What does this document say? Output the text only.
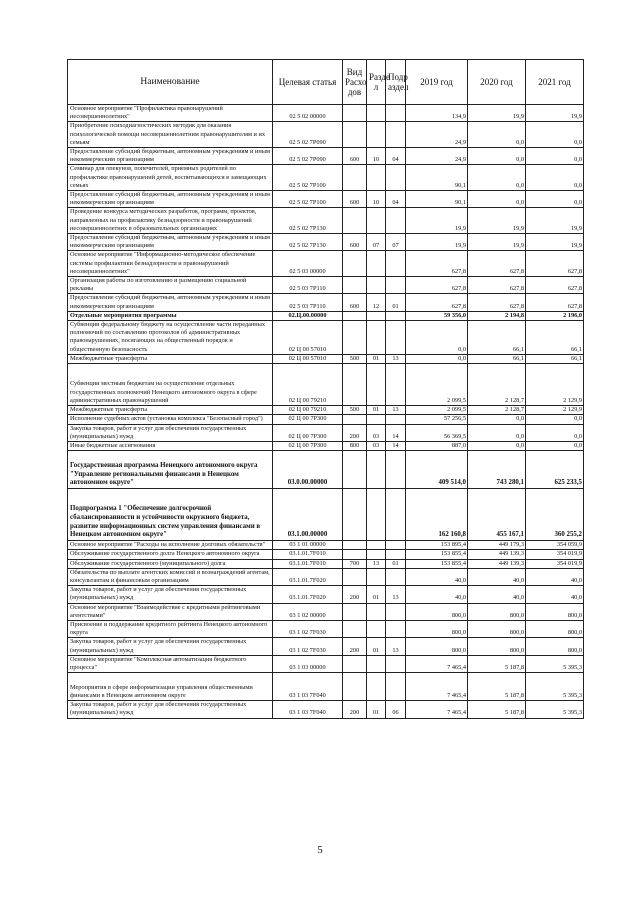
Наименование	Целевая статья	Вид Расхо дов	Разде л	Подр аздел	2019 год	2020 год	2021 год
Основное мероприятие "Профилактика правонарушений несовершеннолетних"	02 5 02 00000				134,9	19,9	19,9
Приобретение психодиагностических методик для оказания психологической помощи несовершеннолетним правонарушителям и их семьям	02 5 02 7Р090				24,9	0,0	0,0
Предоставление субсидий бюджетным, автономным учреждениям и иным некоммерческим организациям	02 5 02 7Р090	600	10	04	24,9	0,0	0,0
Семинар для опекунов, попечителей, приемных родителей по профилактике правонарушений детей, воспитывающихся в замещающих семьях	02 5 02 7Р100				90,1	0,0	0,0
Предоставление субсидий бюджетным, автономным учреждениям и иным некоммерческим организациям	02 5 02 7Р100	600	10	04	90,1	0,0	0,0
Проведение конкурса методических разработок, программ, проектов, направленных на профилактику безнадзорности и правонарушений несовершеннолетних в образовательных организациях	02 5 02 7Р130				19,9	19,9	19,9
Предоставление субсидий бюджетным, автономным учреждениям и иным некоммерческим организациям	02 5 02 7Р130	600	07	07	19,9	19,9	19,9
Основное мероприятие "Информационно-методическое обеспечение системы профилактики безнадзорности и правонарушений несовершеннолетних"	02 5 03 00000				627,8	627,8	627,8
Организация работы по изготовлению и размещению социальной рекламы	02 5 03 7Р110				627,8	627,8	627,8
Предоставление субсидий бюджетным, автономным учреждениям и иным некоммерческим организациям	02 5 03 7Р110	600	12	01	627,8	627,8	627,8
Отдельные мероприятия программы	02.Ц.00.00000				59 356,0	2 194,8	2 196,0
Субвенции федеральному бюджету на осуществление части переданных полномочий по составлению протоколов об административных правонарушениях, посягающих на общественный порядок и общественную безопасность	02 Ц 00 57010				0,0	66,1	66,1
Межбюджетные трансферты	02 Ц 00 57010	500	01	13	0,0	66,1	66,1
Субвенции местным бюджетам на осуществление отдельных государственных полномочий Ненецкого автономного округа в сфере административных правонарушений	02 Ц 00 79210				2 099,5	2 128,7	2 129,9
Межбюджетные трансферты	02 Ц 00 79210	500	01	13	2 099,5	2 128,7	2 129,9
Исполнение судебных актов (установка комплекса "Безопасный город")	02 Ц 00 7Р300				57 256,5	0,0	0,0
Закупка товаров, работ и услуг для обеспечения государственных (муниципальных) нужд	02 Ц 00 7Р300	200	03	14	56 369,5	0,0	0,0
Иные бюджетные ассигнования	02 Ц 00 7Р300	800	03	14	887,0	0,0	0,0
Государственная программа Ненецкого автономного округа "Управление региональными финансами в Ненецком автономном округе"	03.0.00.00000				409 514,0	743 280,1	625 233,5
Подпрограмма 1 "Обеспечение долгосрочной сбалансированности и устойчивости окружного бюджета, развитие информационных систем управления финансами в Ненецком автономном округе"	03.1.00.00000				162 160,8	455 167,1	360 255,2
Основное мероприятие "Расходы на исполнение долговых обязательств"	03 1 01 00000				153 895,4	449 179,3	354 059,9
Обслуживание государственного долга Ненецкого автономного округа	03.1.01.7F010				153 855,4	449 139,3	354 019,9
Обслуживание государственного (муниципального) долга	03.1.01.7F010	700	13	01	153 855,4	449 139,3	354 019,9
Обязательства по выплате агентских комиссий и вознаграждений агентам, консультантам и финансовым организациям	03.1.01.7F020				40,0	40,0	40,0
Закупка товаров, работ и услуг для обеспечения государственных (муниципальных) нужд	03.1.01.7F020	200	01	13	40,0	40,0	40,0
Основное мероприятие "Взаимодействие с кредитными рейтинговыми агентствами"	03 1 02 00000				800,0	800,0	800,0
Присвоение и поддержание кредитного рейтинга Ненецкого автономного округа	03 1 02 7F030				800,0	800,0	800,0
Закупка товаров, работ и услуг для обеспечения государственных (муниципальных) нужд	03 1 02 7F030	200	01	13	800,0	800,0	800,0
Основное мероприятие "Комплексная автоматизация бюджетного процесса"	03 1 03 00000				7 465,4	5 187,8	5 395,3
Мероприятия в сфере информатизации управления общественными финансами в Ненецком автономном округе	03 1 03 7F040				7 465,4	5 187,8	5 395,3
Закупка товаров, работ и услуг для обеспечения государственных (муниципальных) нужд	03 1 03 7F040	200	01	06	7 465,4	5 187,8	5 395,3
5
